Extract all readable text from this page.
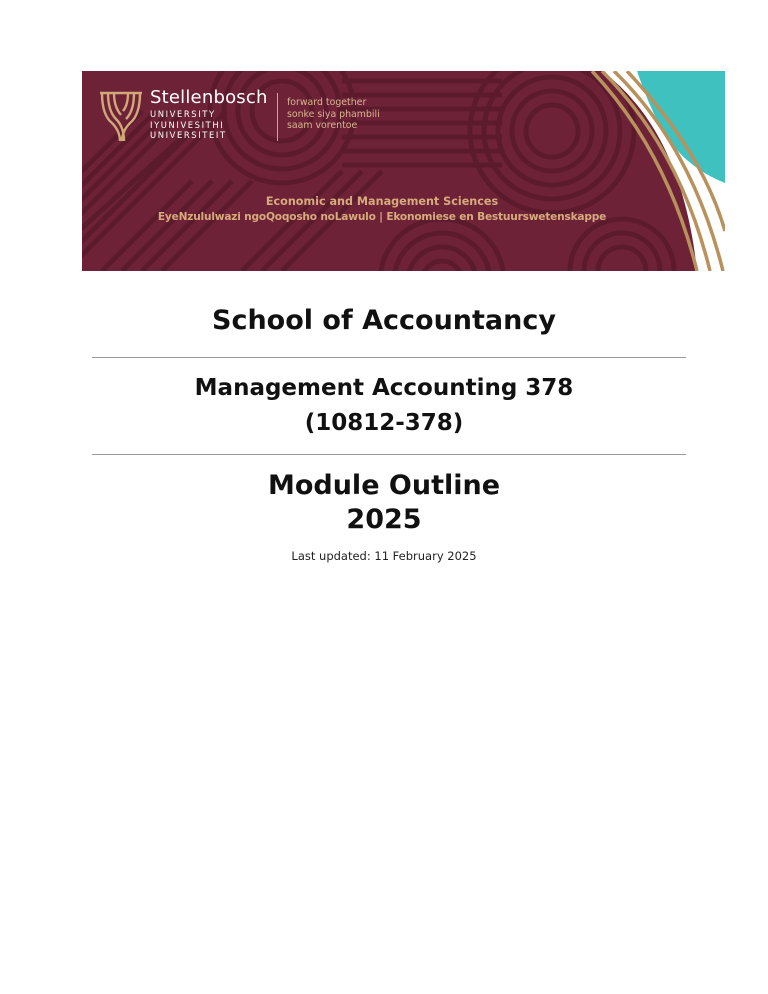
Stellenbosch
UNIVERSITY
IYUNIVESITHI
UNIVERSITEIT
forward together
sonke siya phambili
saam vorentoe
Economic and Management Sciences
EyeNzululwazi ngoQoqosho noLawulo | Ekonomiese en Bestuurswetenskappe
School of Accountancy
Management Accounting 378
(10812-378)
Module Outline
2025
Last updated: 11 February 2025
